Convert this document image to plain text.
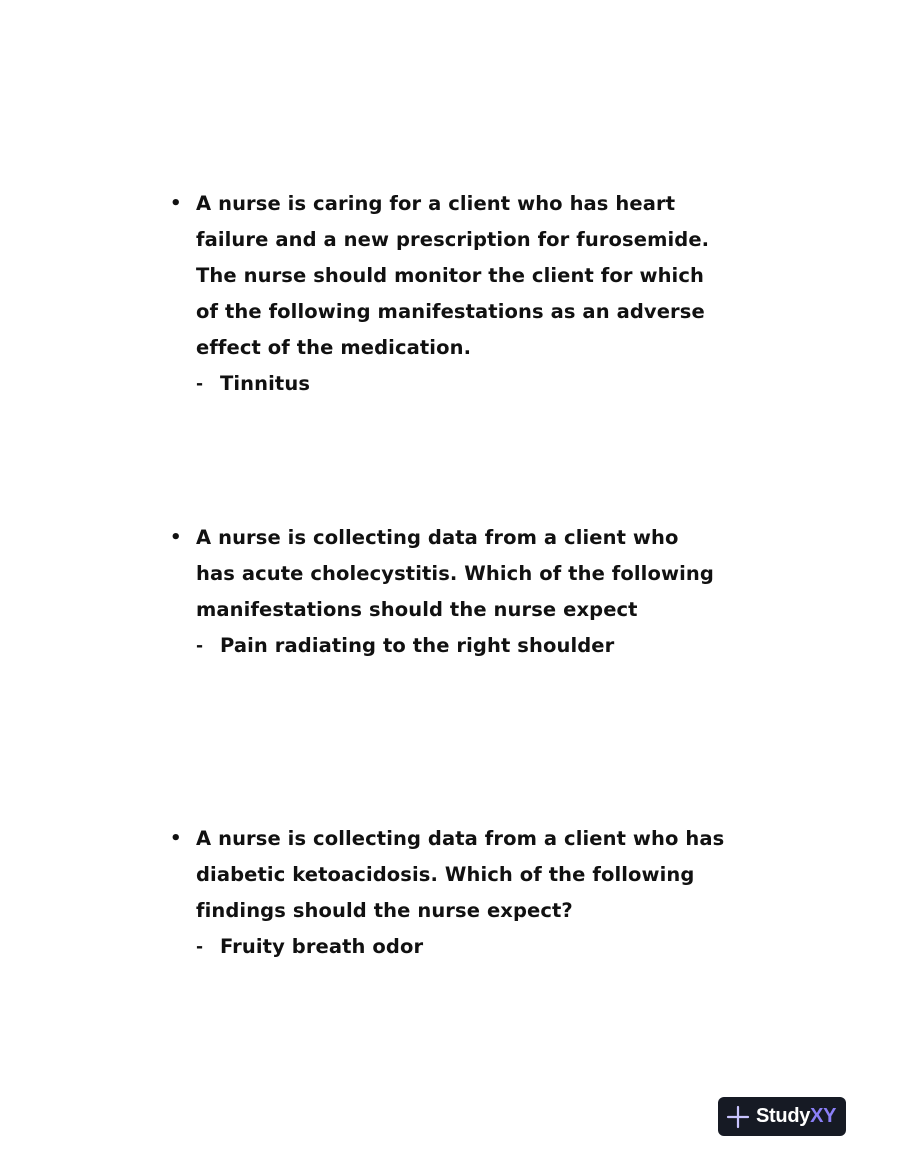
• A nurse is caring for a client who has heart
failure and a new prescription for furosemide.
The nurse should monitor the client for which
of the following manifestations as an adverse
effect of the medication.

- Tinnitus
• A nurse is collecting data from a client who
has acute cholecystitis. Which of the following
manifestations should the nurse expect

- Pain radiating to the right shoulder
• A nurse is collecting data from a client who has
diabetic ketoacidosis. Which of the following
findings should the nurse expect?

- Fruity breath odor
StudyXY
